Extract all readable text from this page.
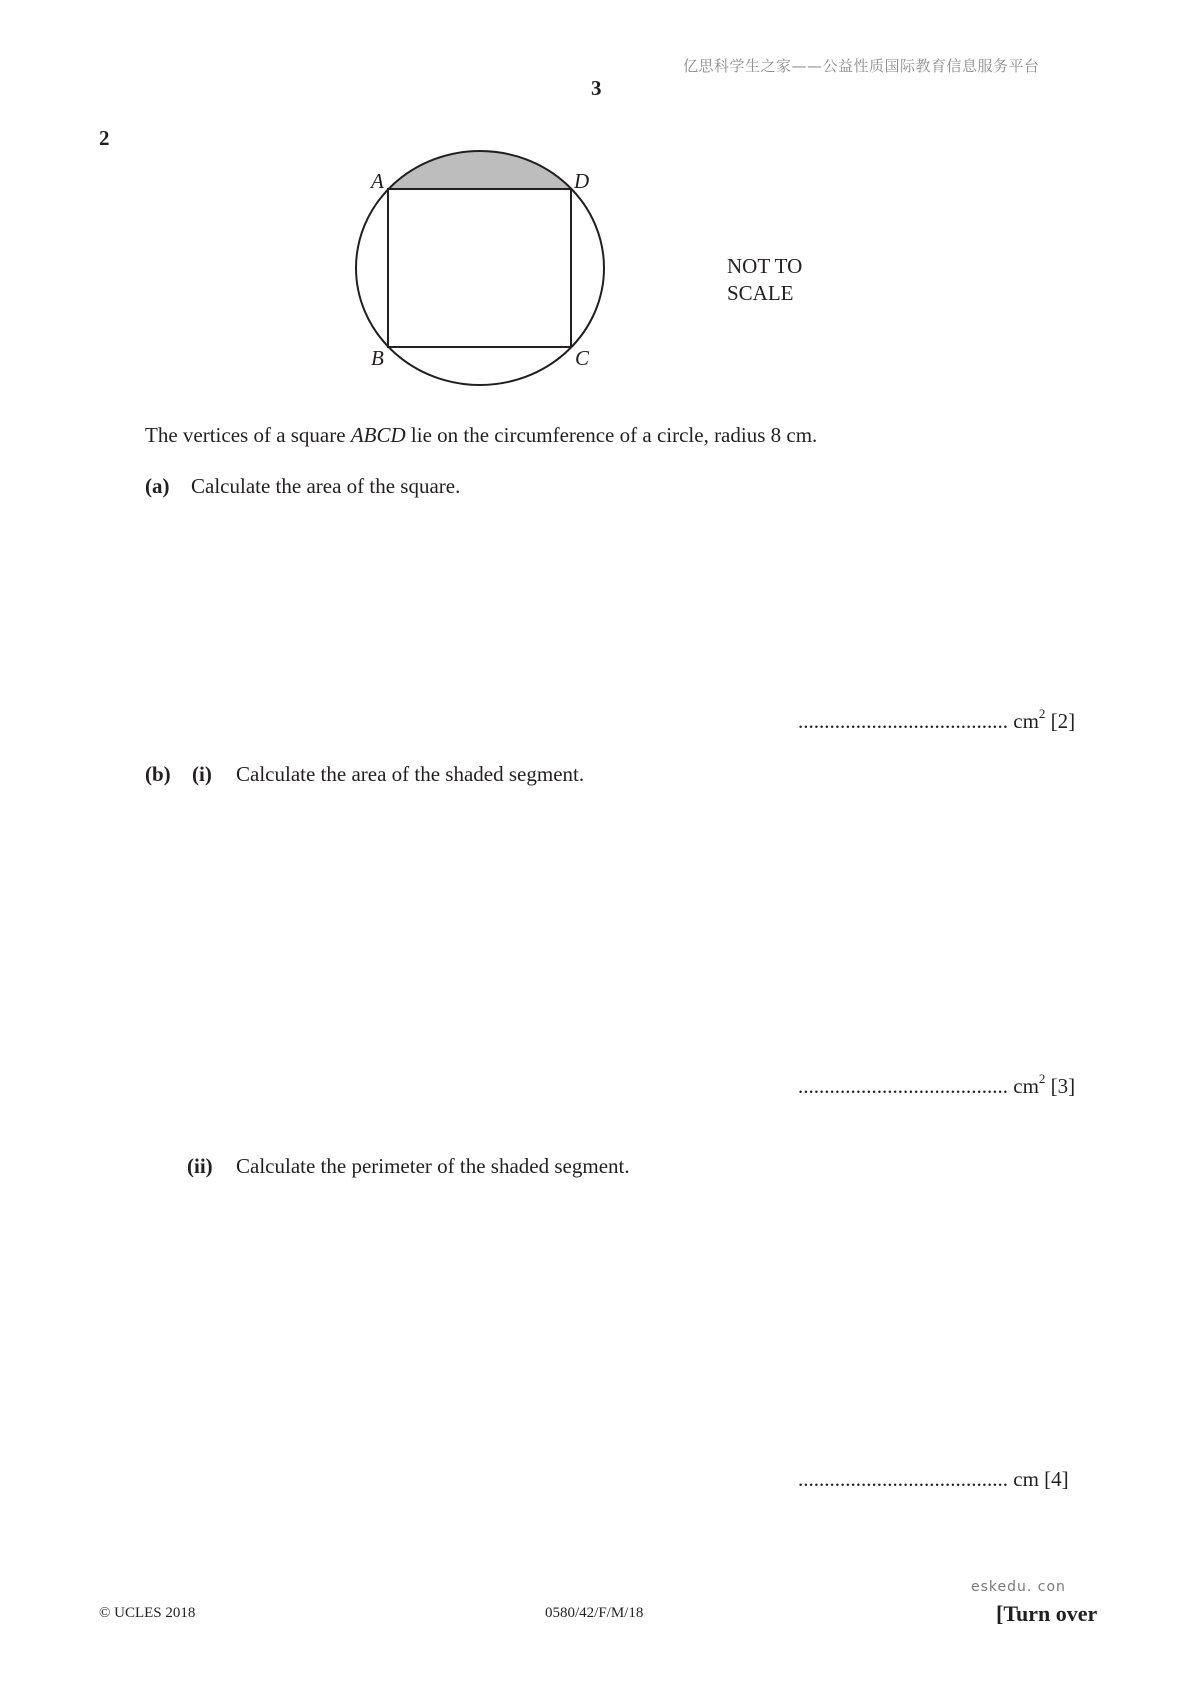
亿思科学生之家——公益性质国际教育信息服务平台
3
2
A	D
B	C
NOT TO
SCALE
The vertices of a square ABCD lie on the circumference of a circle, radius 8 cm.
(a) Calculate the area of the square.
........................................ $cm^2$ [2]
(b) (i) Calculate the area of the shaded segment.
........................................ $cm^2$ [3]
(ii) Calculate the perimeter of the shaded segment.
........................................ cm [4]
eskedu. con
© UCLES 2018	0580/42/F/M/18	[Turn over
